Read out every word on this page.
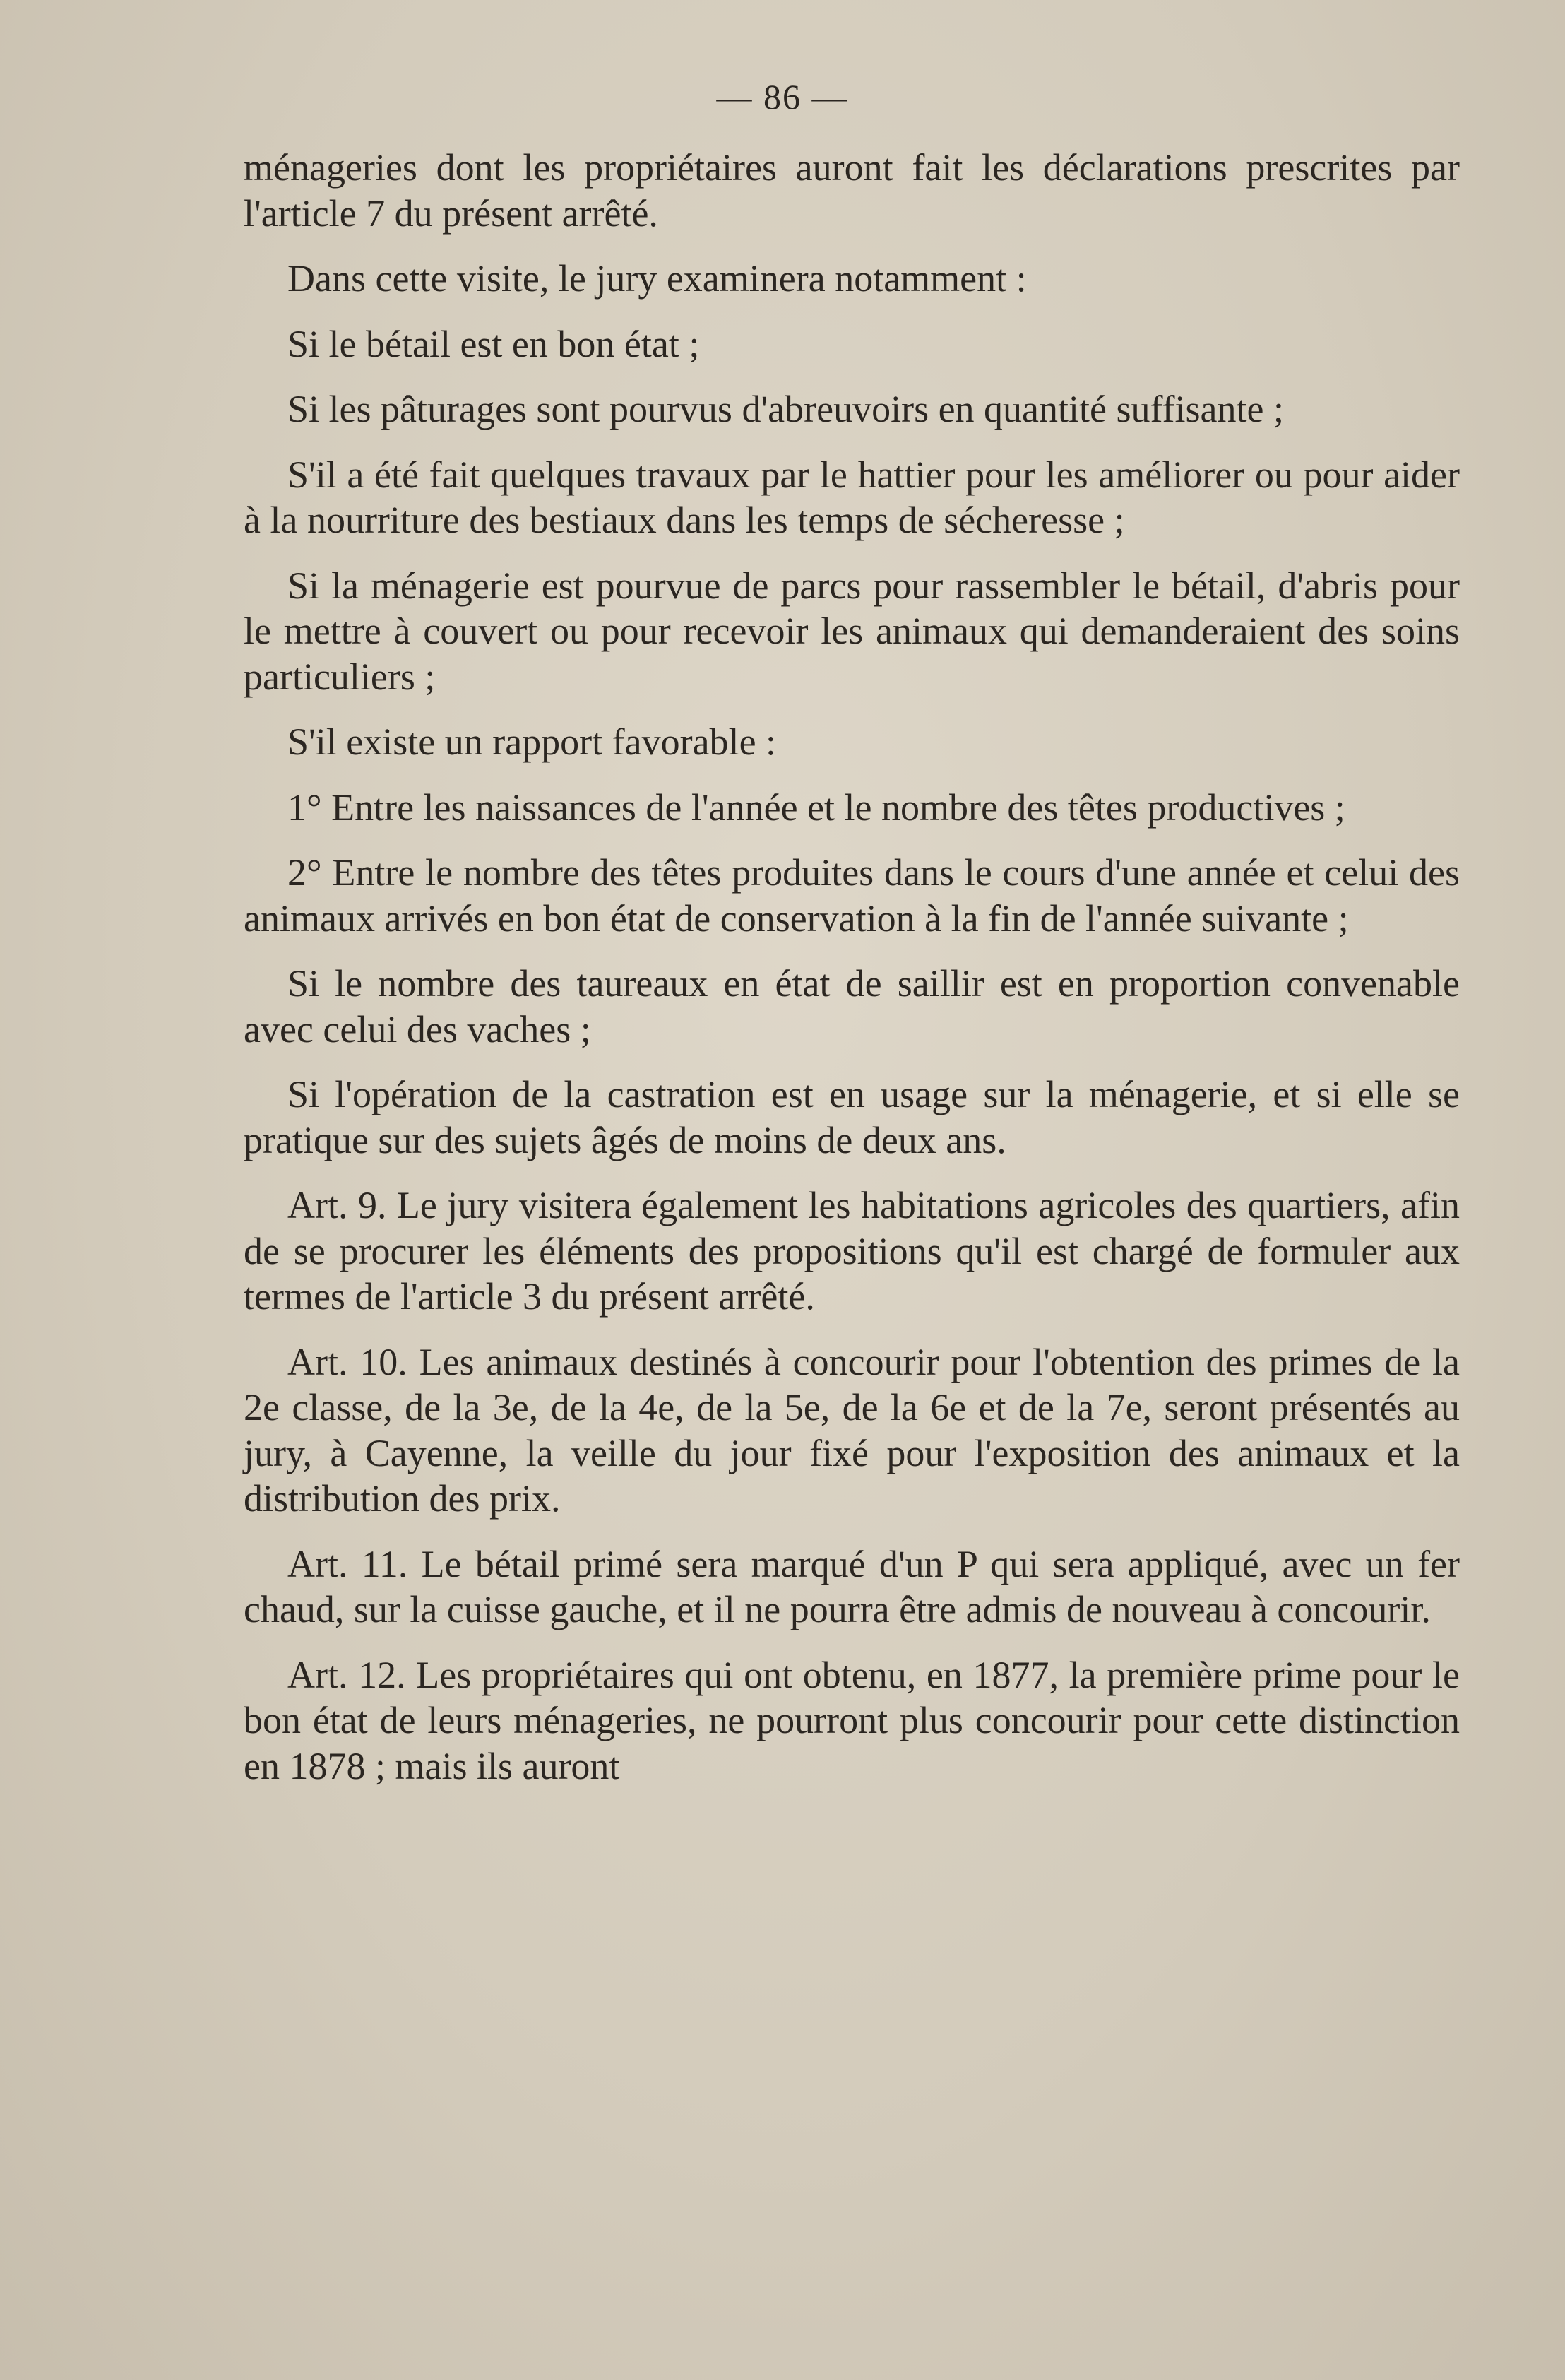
— 86 —

ménageries dont les propriétaires auront fait les déclarations prescrites par l'article 7 du présent arrêté.

Dans cette visite, le jury examinera notamment :

Si le bétail est en bon état ;

Si les pâturages sont pourvus d'abreuvoirs en quantité suffisante ;

S'il a été fait quelques travaux par le hattier pour les améliorer ou pour aider à la nourriture des bestiaux dans les temps de sécheresse ;

Si la ménagerie est pourvue de parcs pour rassembler le bétail, d'abris pour le mettre à couvert ou pour recevoir les animaux qui demanderaient des soins particuliers ;

S'il existe un rapport favorable :

1° Entre les naissances de l'année et le nombre des têtes productives ;

2° Entre le nombre des têtes produites dans le cours d'une année et celui des animaux arrivés en bon état de conservation à la fin de l'année suivante ;

Si le nombre des taureaux en état de saillir est en proportion convenable avec celui des vaches ;

Si l'opération de la castration est en usage sur la ménagerie, et si elle se pratique sur des sujets âgés de moins de deux ans.

Art. 9. Le jury visitera également les habitations agricoles des quartiers, afin de se procurer les éléments des propositions qu'il est chargé de formuler aux termes de l'article 3 du présent arrêté.

Art. 10. Les animaux destinés à concourir pour l'obtention des primes de la 2e classe, de la 3e, de la 4e, de la 5e, de la 6e et de la 7e, seront présentés au jury, à Cayenne, la veille du jour fixé pour l'exposition des animaux et la distribution des prix.

Art. 11. Le bétail primé sera marqué d'un P qui sera appliqué, avec un fer chaud, sur la cuisse gauche, et il ne pourra être admis de nouveau à concourir.

Art. 12. Les propriétaires qui ont obtenu, en 1877, la première prime pour le bon état de leurs ménageries, ne pourront plus concourir pour cette distinction en 1878 ; mais ils auront
